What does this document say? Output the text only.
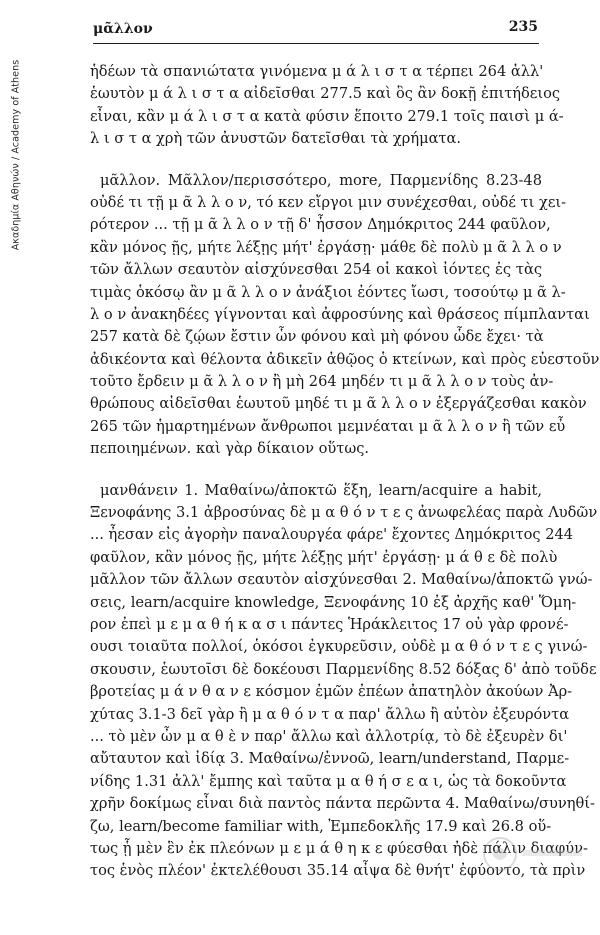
Ακαδημία Αθηνών / Academy of Athens
μᾶλλον	235
ἡδέων τὰ σπανιώτατα γινόμενα μ ά λ ι σ τ α τέρπει 264 ἀλλ'
ἑωυτὸν μ ά λ ι σ τ α αἰδεῖσθαι 277.5 καὶ ὃς ἂν δοκῇ ἐπιτήδειος
εἶναι, κἂν μ ά λ ι σ τ α κατὰ φύσιν ἕποιτο 279.1 τοῖς παισὶ μ ά-
λ ι σ τ α χρὴ τῶν ἀνυστῶν δατεῖσθαι τὰ χρήματα.
μᾶλλον. Μᾶλλον/περισσότερο, more, Παρμενίδης 8.23-48
οὐδέ τι τῇ μ ᾶ λ λ ο ν, τό κεν εἴργοι μιν συνέχεσθαι, οὐδέ τι χει-
ρότερον ... τῇ μ ᾶ λ λ ο ν τῇ δ' ἧσσον Δημόκριτος 244 φαῦλον,
κἂν μόνος ῇς, μήτε λέξῃς μήτ' ἐργάσῃ· μάθε δὲ πολὺ μ ᾶ λ λ ο ν
τῶν ἄλλων σεαυτὸν αἰσχύνεσθαι 254 οἱ κακοὶ ἰόντες ἐς τὰς
τιμὰς ὁκόσῳ ἂν μ ᾶ λ λ ο ν ἀνάξιοι ἐόντες ἴωσι, τοσούτῳ μ ᾶ λ-
λ ο ν ἀνακηδέες γίγνονται καὶ ἀφροσύνης καὶ θράσεος πίμπλανται
257 κατὰ δὲ ζῴων ἔστιν ὧν φόνου καὶ μὴ φόνου ὧδε ἔχει· τὰ
ἀδικέοντα καὶ θέλοντα ἀδικεῖν ἀθῷος ὁ κτείνων, καὶ πρὸς εὐεστοῦν
τοῦτο ἔρδειν μ ᾶ λ λ ο ν ἢ μὴ 264 μηδέν τι μ ᾶ λ λ ο ν τοὺς ἀν-
θρώπους αἰδεῖσθαι ἑωυτοῦ μηδέ τι μ ᾶ λ λ ο ν ἐξεργάζεσθαι κακὸν
265 τῶν ἡμαρτημένων ἄνθρωποι μεμνέαται μ ᾶ λ λ ο ν ἢ τῶν εὖ
πεποιημένων. καὶ γὰρ δίκαιον οὕτως.
μανθάνειν 1. Μαθαίνω/ἀποκτῶ ἕξη, learn/acquire a habit,
Ξενοφάνης 3.1 ἀβροσύνας δὲ μ α θ ό ν τ ε ς ἀνωφελέας παρὰ Λυδῶν
... ἦεσαν εἰς ἀγορὴν παναλουργέα φάρε' ἔχοντες Δημόκριτος 244
φαῦλον, κἂν μόνος ῇς, μήτε λέξῃς μήτ' ἐργάσῃ· μ ά θ ε δὲ πολὺ
μᾶλλον τῶν ἄλλων σεαυτὸν αἰσχύνεσθαι 2. Μαθαίνω/ἀποκτῶ γνώ-
σεις, learn/acquire knowledge, Ξενοφάνης 10 ἐξ ἀρχῆς καθ' Ὅμη-
ρον ἐπεὶ μ ε μ α θ ή κ α σ ι πάντες Ἡράκλειτος 17 οὐ γὰρ φρονέ-
ουσι τοιαῦτα πολλοί, ὁκόσοι ἐγκυρεῦσιν, οὐδὲ μ α θ ό ν τ ε ς γινώ-
σκουσιν, ἑωυτοῖσι δὲ δοκέουσι Παρμενίδης 8.52 δόξας δ' ἀπὸ τοῦδε
βροτείας μ ά ν θ α ν ε κόσμον ἐμῶν ἐπέων ἀπατηλὸν ἀκούων Ἀρ-
χύτας 3.1-3 δεῖ γὰρ ἢ μ α θ ό ν τ α παρ' ἄλλω ἢ αὐτὸν ἐξευρόντα
... τὸ μὲν ὦν μ α θ ὲ ν παρ' ἄλλω καὶ ἀλλοτρίᾳ, τὸ δὲ ἐξευρὲν δι'
αὔταυτον καὶ ἰδίᾳ 3. Μαθαίνω/ἐννοῶ, learn/understand, Παρμε-
νίδης 1.31 ἀλλ' ἔμπης καὶ ταῦτα μ α θ ή σ ε α ι, ὡς τὰ δοκοῦντα
χρῆν δοκίμως εἶναι διὰ παντὸς πάντα περῶντα 4. Μαθαίνω/συνηθί-
ζω, learn/become familiar with, Ἐμπεδοκλῆς 17.9 καὶ 26.8 οὕ-
τως ᾗ μὲν ἓν ἐκ πλεόνων μ ε μ ά θ η κ ε φύεσθαι ἠδὲ πάλιν διαφύν-
τος ἑνὸς πλέον' ἐκτελέθουσι 35.14 αἶψα δὲ θνήτ' ἐφύοντο, τὰ πρὶν
